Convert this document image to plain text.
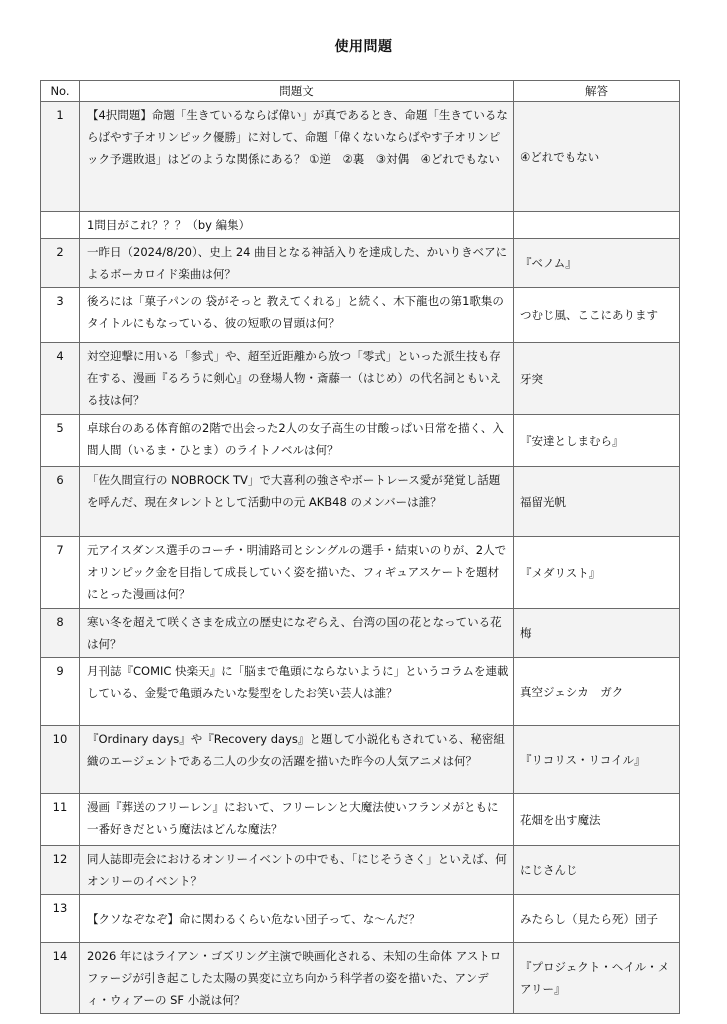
使用問題
No.	問題文	解答
1	【4択問題】命題「生きているならば偉い」が真であるとき、命題「生きているならばやす子オリンピック優勝」に対して、命題「偉くないならばやす子オリンピック予選敗退」はどのような関係にある？ ①逆　②裏　③対偶　④どれでもない	④どれでもない
	1問目がこれ？？？（by 編集）	
2	一昨日（2024/8/20）、史上 24 曲目となる神話入りを達成した、かいりきベアによるボーカロイド楽曲は何？	『ベノム』
3	後ろには「菓子パンの 袋がそっと 教えてくれる」と続く、木下龍也の第1歌集のタイトルにもなっている、彼の短歌の冒頭は何？	つむじ風、ここにあります
4	対空迎撃に用いる「参式」や、超至近距離から放つ「零式」といった派生技も存在する、漫画『るろうに剣心』の登場人物・斎藤一（はじめ）の代名詞ともいえる技は何？	牙突
5	卓球台のある体育館の2階で出会った2人の女子高生の甘酸っぱい日常を描く、入間人間（いるま・ひとま）のライトノベルは何？	『安達としまむら』
6	「佐久間宣行の NOBROCK TV」で大喜利の強さやボートレース愛が発覚し話題を呼んだ、現在タレントとして活動中の元 AKB48 のメンバーは誰？	福留光帆
7	元アイスダンス選手のコーチ・明浦路司とシングルの選手・結束いのりが、2人でオリンピック金を目指して成長していく姿を描いた、フィギュアスケートを題材にとった漫画は何？	『メダリスト』
8	寒い冬を超えて咲くさまを成立の歴史になぞらえ、台湾の国の花となっている花は何？	梅
9	月刊誌『COMIC 快楽天』に「脳まで亀頭にならないように」というコラムを連載している、金髪で亀頭みたいな髪型をしたお笑い芸人は誰？	真空ジェシカ　ガク
10	『Ordinary days』や『Recovery days』と題して小説化もされている、秘密組織のエージェントである二人の少女の活躍を描いた昨今の人気アニメは何？	『リコリス・リコイル』
11	漫画『葬送のフリーレン』において、フリーレンと大魔法使いフランメがともに一番好きだという魔法はどんな魔法？	花畑を出す魔法
12	同人誌即売会におけるオンリーイベントの中でも、「にじそうさく」といえば、何オンリーのイベント？	にじさんじ
13	【クソなぞなぞ】命に関わるくらい危ない団子って、な～んだ？	みたらし（見たら死）団子
14	2026 年にはライアン・ゴズリング主演で映画化される、未知の生命体 アストロファージが引き起こした太陽の異変に立ち向かう科学者の姿を描いた、アンディ・ウィアーの SF 小説は何？	『プロジェクト・ヘイル・メアリー』
